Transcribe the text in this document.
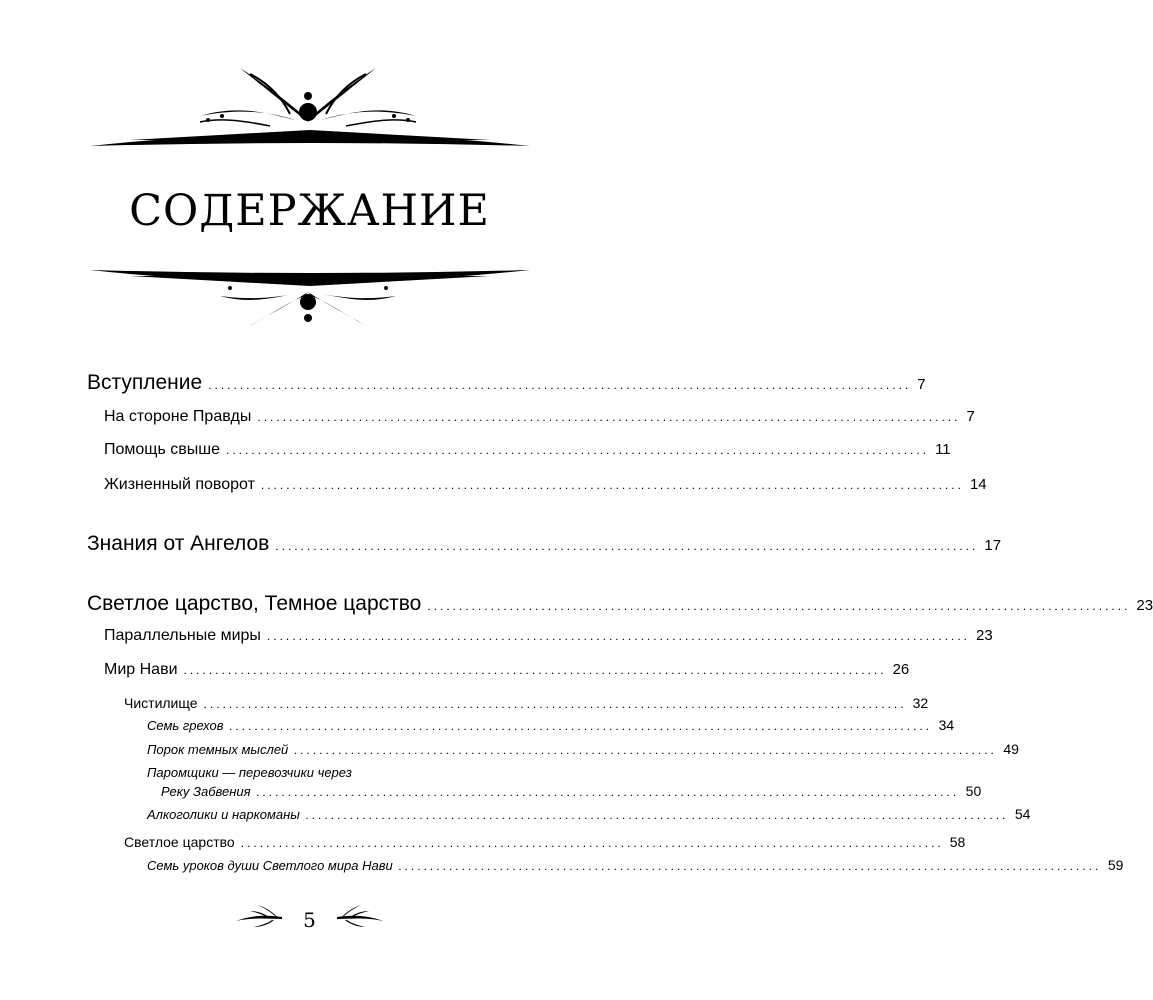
СОДЕРЖАНИЕ
Вступление ............................................................................................................... 7
На стороне Правды ............................................................................................................... 7
Помощь свыше ............................................................................................................... 11
Жизненный поворот ............................................................................................................... 14
Знания от Ангелов ............................................................................................................... 17
Светлое царство, Темное царство ............................................................................................................... 23
Параллельные миры ............................................................................................................... 23
Мир Нави ............................................................................................................... 26
Чистилище ............................................................................................................... 32
Семь грехов ............................................................................................................... 34
Порок темных мыслей ............................................................................................................... 49
Паромщики — перевозчики через
Реку Забвения ............................................................................................................... 50
Алкоголики и наркоманы ............................................................................................................... 54
Светлое царство ............................................................................................................... 58
Семь уроков души Светлого мира Нави ............................................................................................................... 59
5
